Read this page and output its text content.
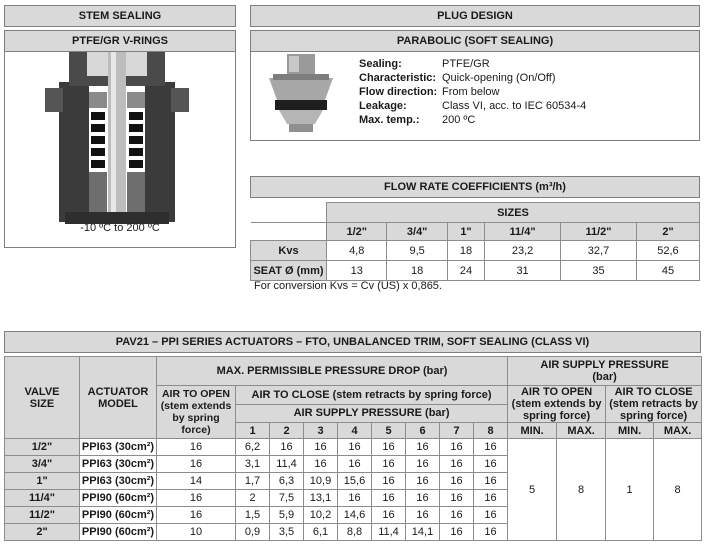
STEM SEALING
PTFE/GR V-RINGS
-10 ºC to 200 ºC
PLUG DESIGN
PARABOLIC (SOFT SEALING)
Sealing:	PTFE/GR
Characteristic: Quick-opening (On/Off)
Flow direction: From below
Leakage:	Class VI, acc. to IEC 60534-4
Max. temp.:	200 ºC
FLOW RATE COEFFICIENTS (m³/h)
	SIZES					
	1/2"	3/4"	1"	11/4"	11/2"	2"
Kvs	4,8	9,5	18	23,2	32,7	52,6
SEAT Ø (mm)	13	18	24	31	35	45
For conversion Kvs = Cv (US) x 0,865.
PAV21 – PPI SERIES ACTUATORS – FTO, UNBALANCED TRIM, SOFT SEALING (CLASS VI)
VALVE SIZE	ACTUATOR MODEL	MAX. PERMISSIBLE PRESSURE DROP (bar)									AIR SUPPLY PRESSURE (bar)			
		AIR TO OPEN (stem extends by spring force)	AIR TO CLOSE (stem retracts by spring force)								AIR TO OPEN (stem extends by spring force)		AIR TO CLOSE (stem retracts by spring force)	
			AIR SUPPLY PRESSURE (bar)											
			1	2	3	4	5	6	7	8	MIN.	MAX.	MIN.	MAX.
1/2"	PPI63 (30cm²)	16	6,2	16	16	16	16	16	16	16	5	8	1	8
3/4"	PPI63 (30cm²)	16	3,1	11,4	16	16	16	16	16	16				
1"	PPI63 (30cm²)	14	1,7	6,3	10,9	15,6	16	16	16	16				
11/4"	PPI90 (60cm²)	16	2	7,5	13,1	16	16	16	16	16				
11/2"	PPI90 (60cm²)	16	1,5	5,9	10,2	14,6	16	16	16	16				
2"	PPI90 (60cm²)	10	0,9	3,5	6,1	8,8	11,4	14,1	16	16				
